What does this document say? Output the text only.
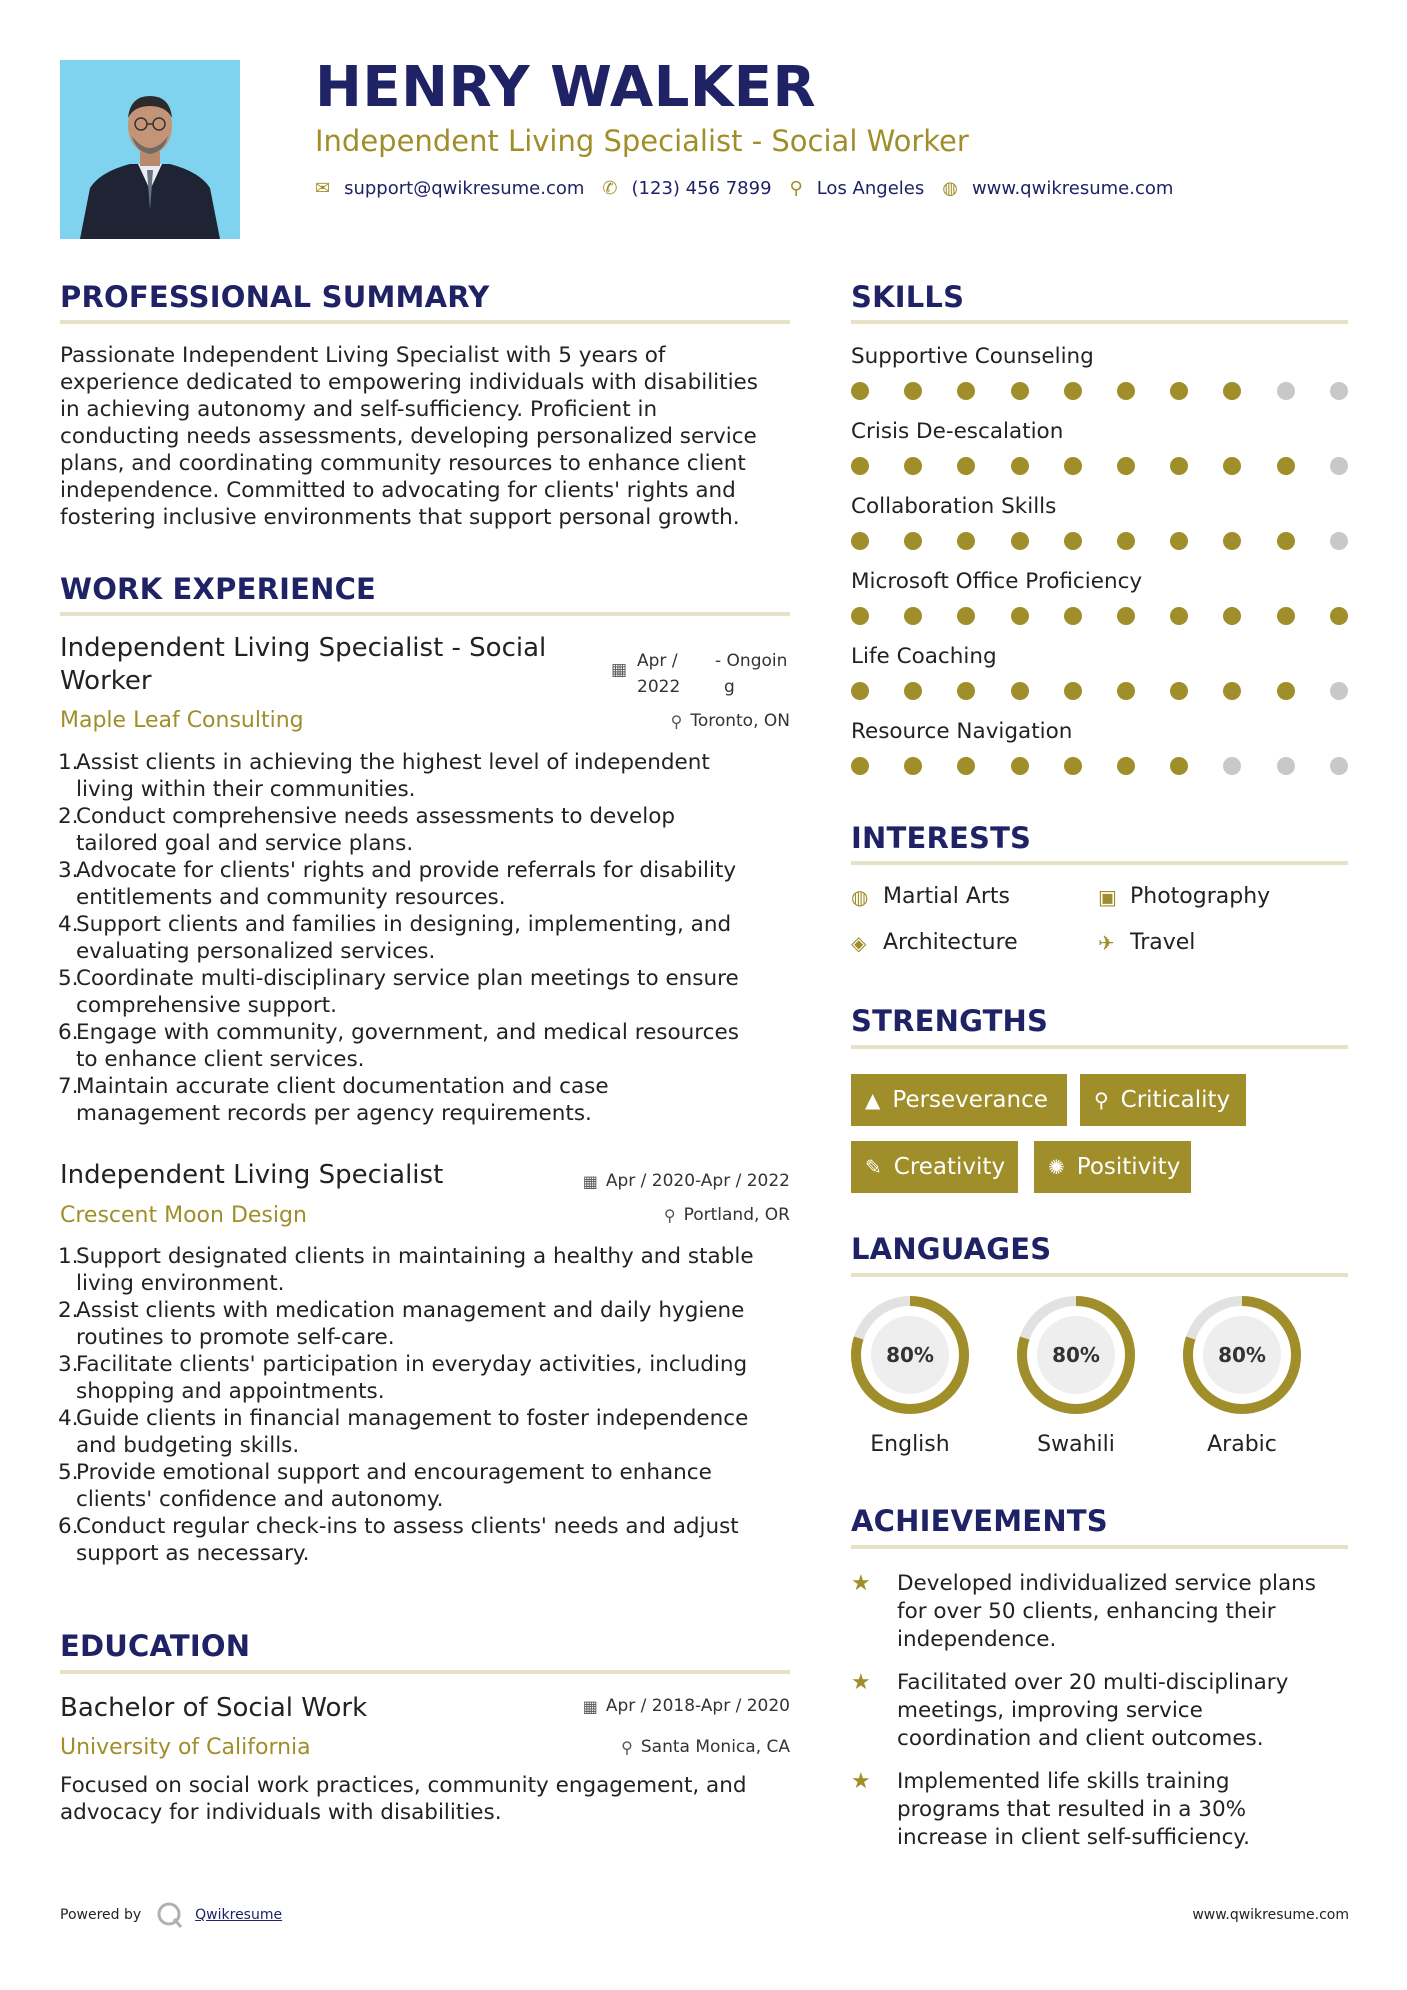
HENRY WALKER
Independent Living Specialist - Social Worker
✉ support@qwikresume.com ✆ (123) 456 7899 ⚲ Los Angeles ◍ www.qwikresume.com
PROFESSIONAL SUMMARY
Passionate Independent Living Specialist with 5 years of
experience dedicated to empowering individuals with disabilities
in achieving autonomy and self-sufficiency. Proficient in
conducting needs assessments, developing personalized service
plans, and coordinating community resources to enhance client
independence. Committed to advocating for clients' rights and
fostering inclusive environments that support personal growth.
WORK EXPERIENCE
Independent Living Specialist - Social
Worker	▦ Apr /
2022
- Ongoin
g
Maple Leaf Consulting	⚲ Toronto, ON
1.
Assist clients in achieving the highest level of independent
living within their communities.
2.
Conduct comprehensive needs assessments to develop
tailored goal and service plans.
3.
Advocate for clients' rights and provide referrals for disability
entitlements and community resources.
4.
Support clients and families in designing, implementing, and
evaluating personalized services.
5.
Coordinate multi-disciplinary service plan meetings to ensure
comprehensive support.
6.
Engage with community, government, and medical resources
to enhance client services.
7.
Maintain accurate client documentation and case
management records per agency requirements.
Independent Living Specialist	▦ Apr / 2020-Apr / 2022
Crescent Moon Design	⚲ Portland, OR
1.
Support designated clients in maintaining a healthy and stable
living environment.
2.
Assist clients with medication management and daily hygiene
routines to promote self-care.
3.
Facilitate clients' participation in everyday activities, including
shopping and appointments.
4.
Guide clients in financial management to foster independence
and budgeting skills.
5.
Provide emotional support and encouragement to enhance
clients' confidence and autonomy.
6.
Conduct regular check-ins to assess clients' needs and adjust
support as necessary.
EDUCATION
Bachelor of Social Work	▦ Apr / 2018-Apr / 2020
University of California	⚲ Santa Monica, CA
Focused on social work practices, community engagement, and
advocacy for individuals with disabilities.
SKILLS
Supportive Counseling
Crisis De-escalation
Collaboration Skills
Microsoft Office Proficiency
Life Coaching
Resource Navigation
INTERESTS
◍ Martial Arts	▣ Photography
◈ Architecture	✈ Travel
STRENGTHS
▲ Perseverance ⚲ Criticality
✎ Creativity ✺ Positivity
LANGUAGES
80%
English
80%
Swahili
80%
Arabic
ACHIEVEMENTS
★	Developed individualized service plans
for over 50 clients, enhancing their
independence.
★	Facilitated over 20 multi-disciplinary
meetings, improving service
coordination and client outcomes.
★	Implemented life skills training
programs that resulted in a 30%
increase in client self-sufficiency.
Powered by	Qwikresume	www.qwikresume.com
